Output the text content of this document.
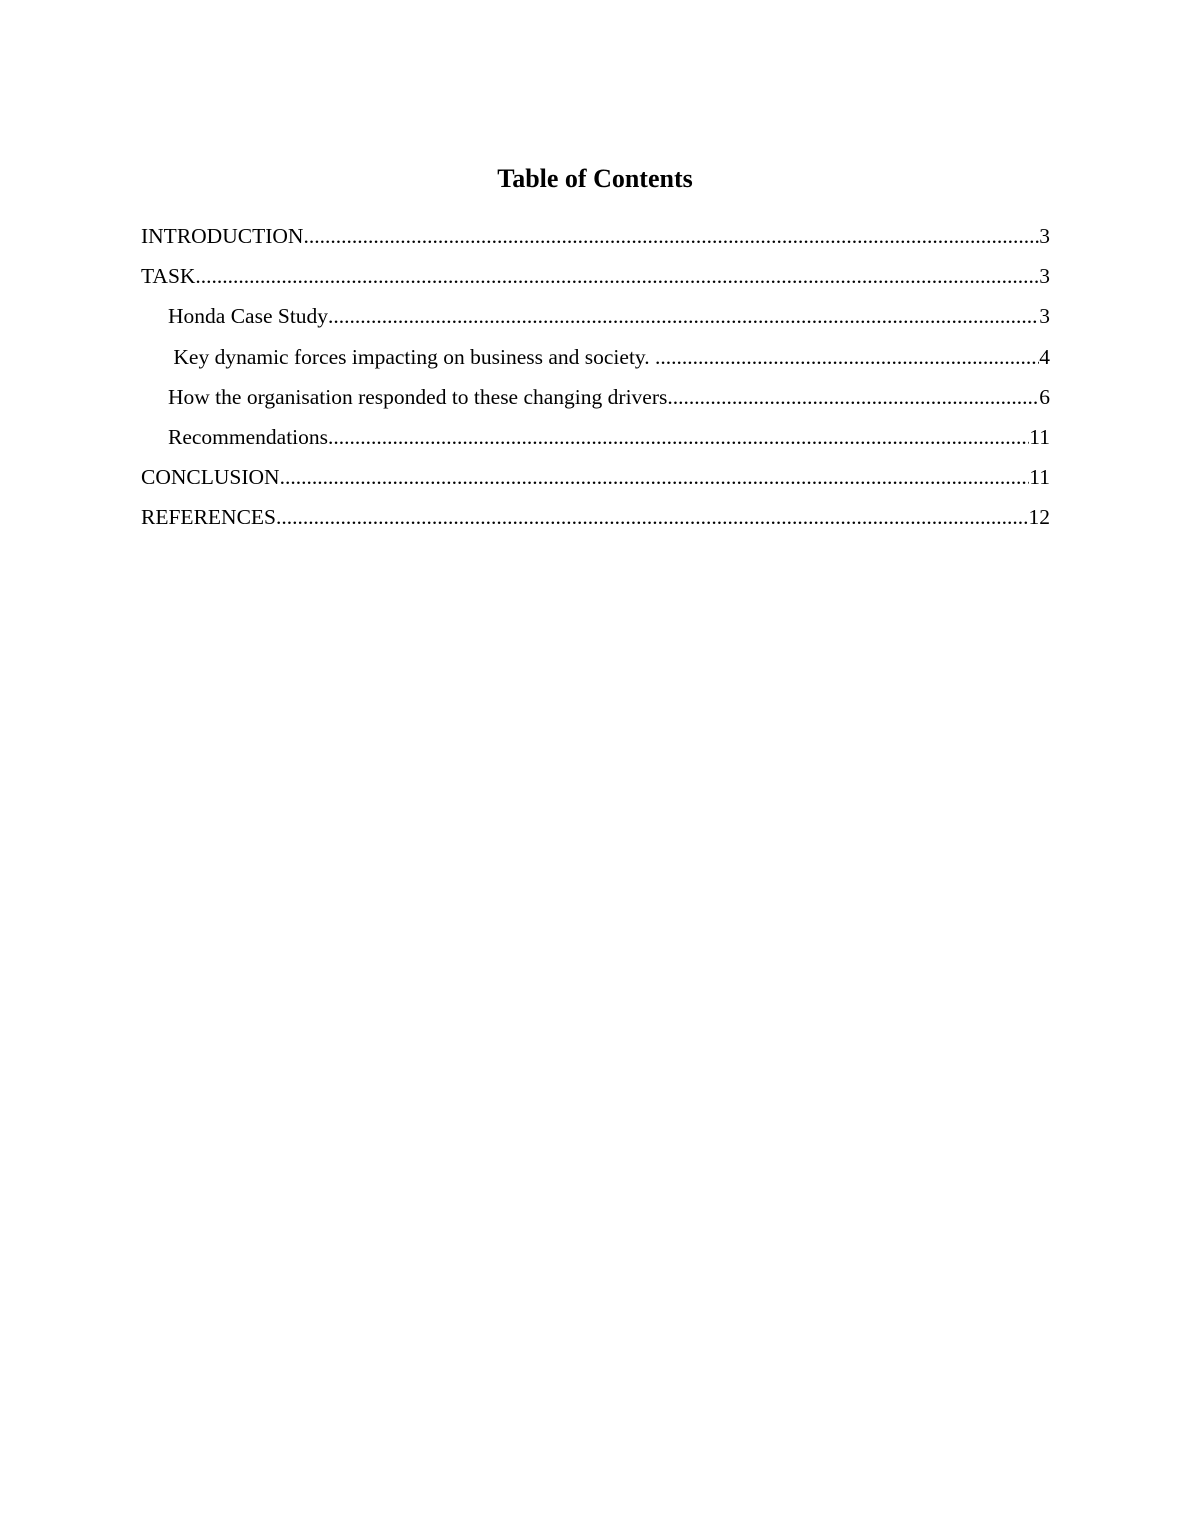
Table of Contents
INTRODUCTION .....	3
TASK .....	3
Honda Case Study .....	3
Key dynamic forces impacting on business and society. .....	4
How the organisation responded to these changing drivers .....	6
Recommendations .....	11
CONCLUSION .....	11
REFERENCES .....	12
